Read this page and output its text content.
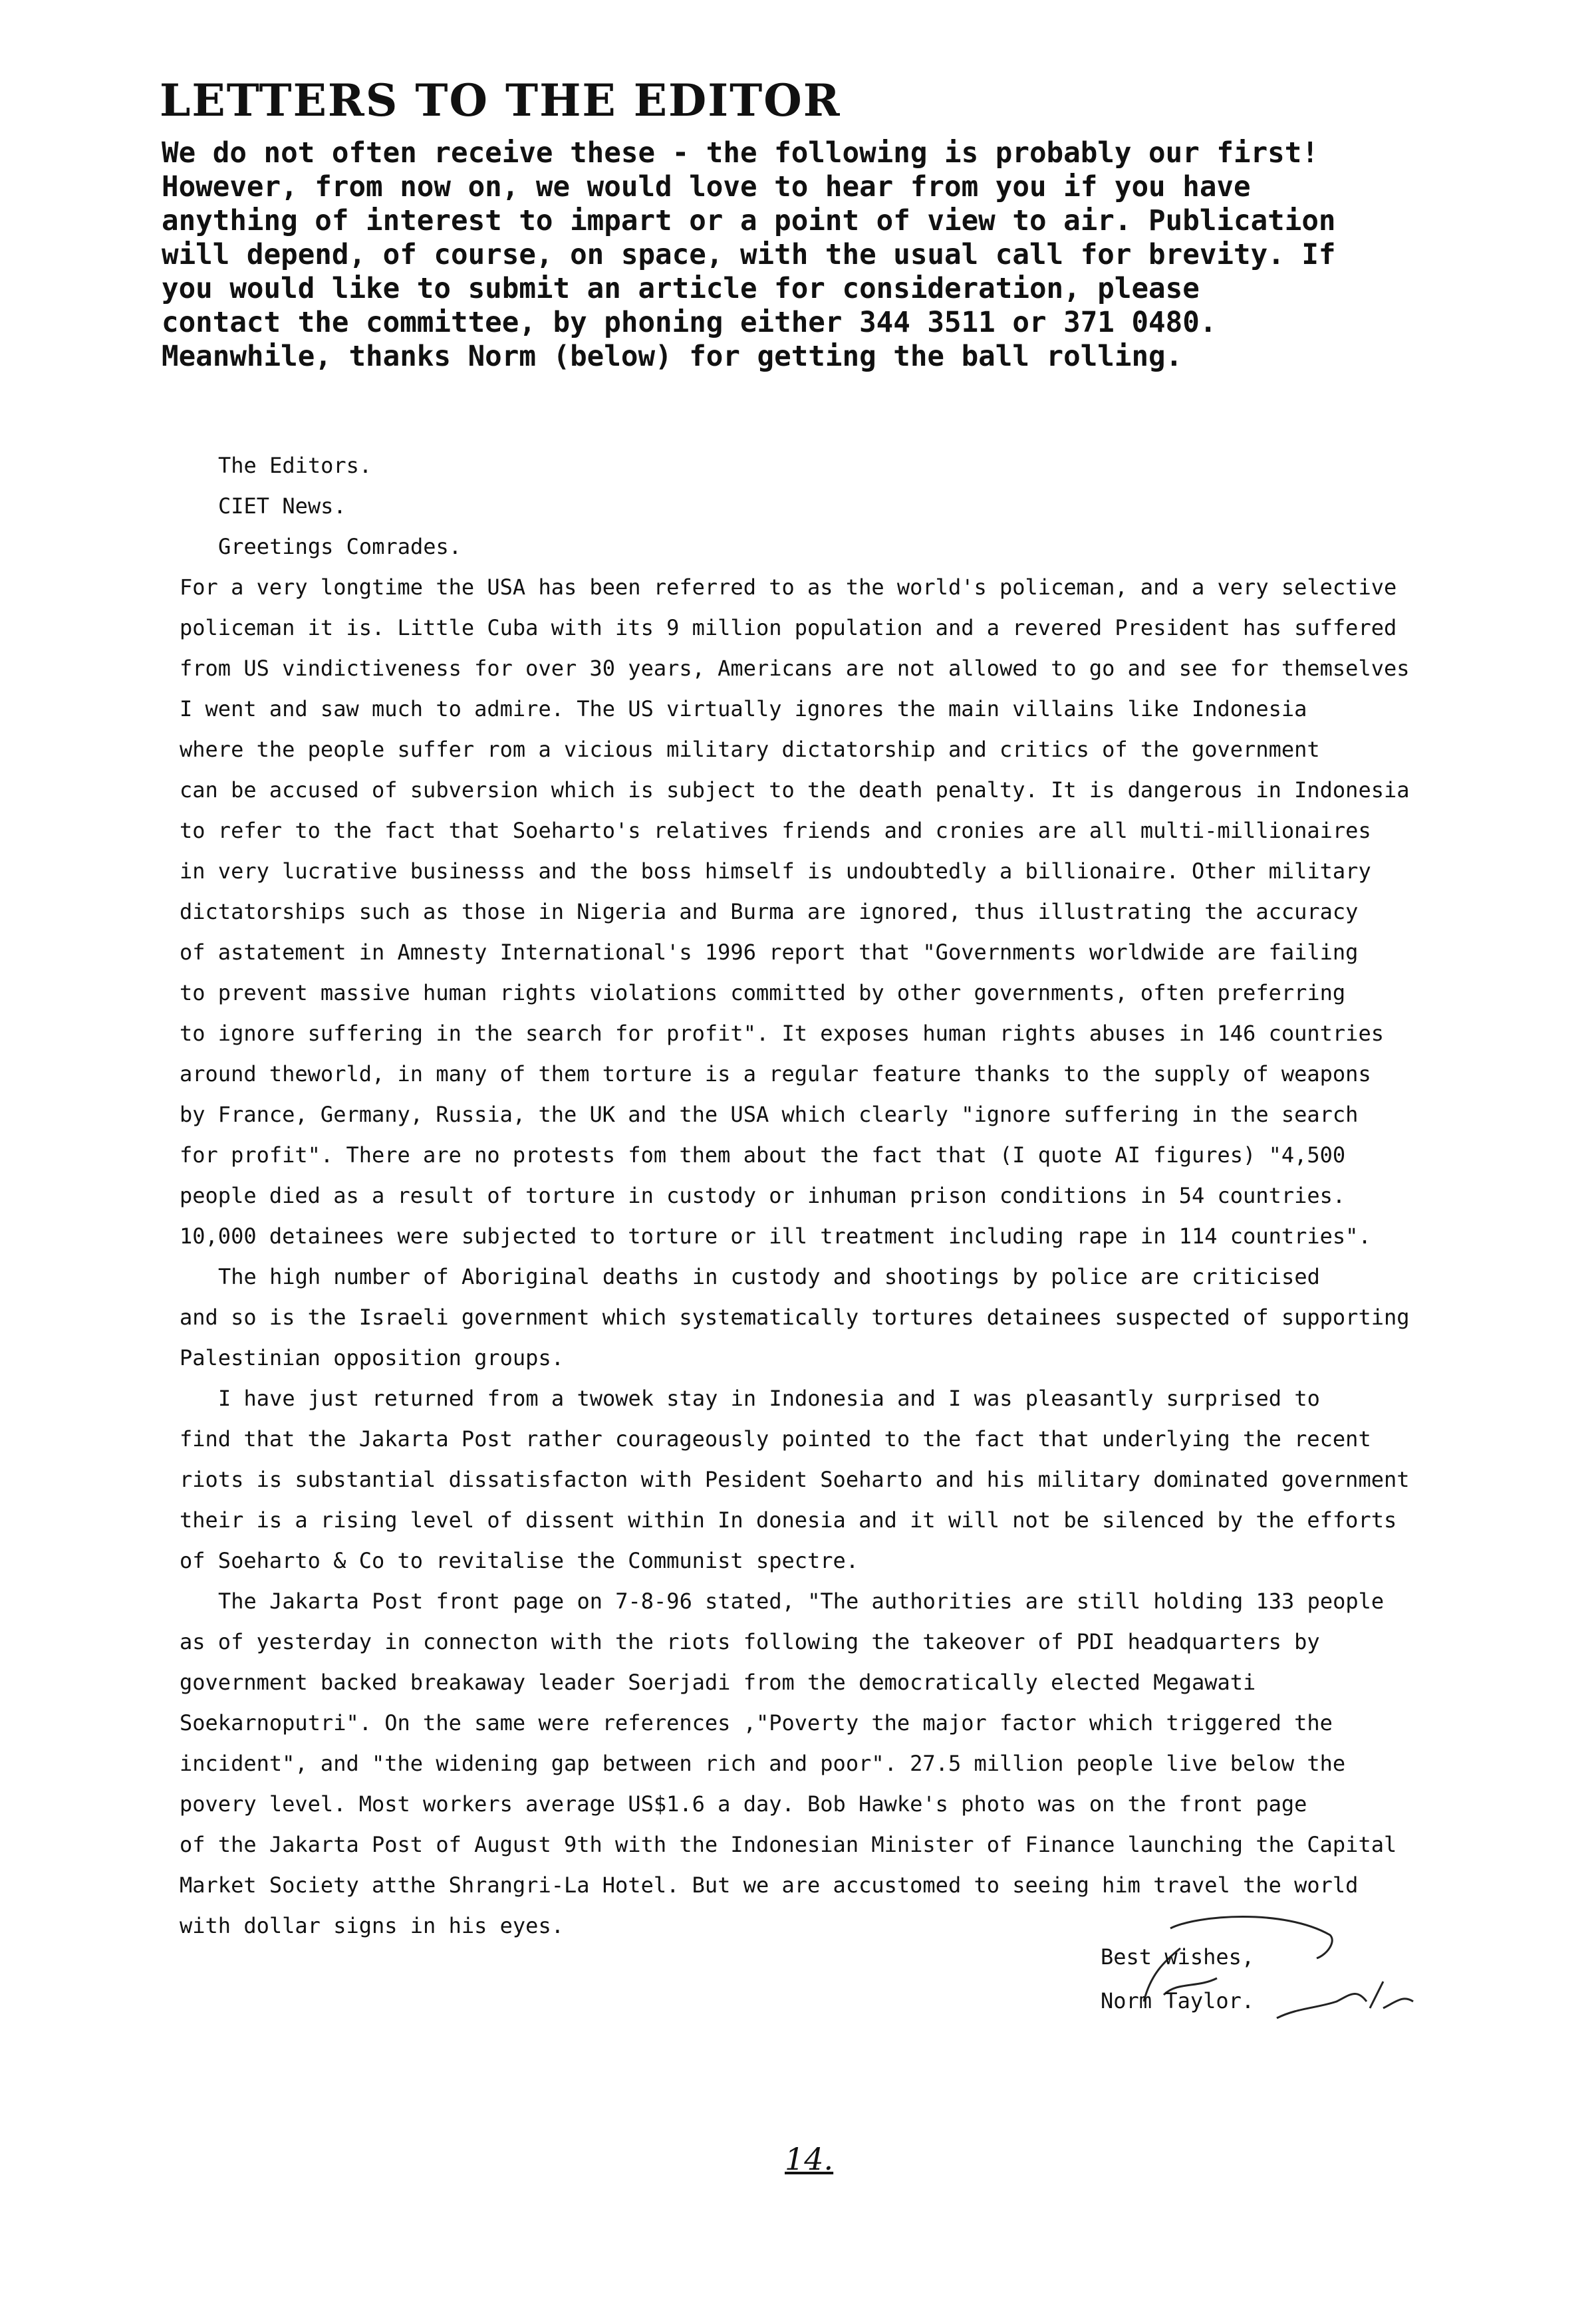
LETTERS TO THE EDITOR
We do not often receive these - the following is probably our first!
However, from now on, we would love to hear from you if you have
anything of interest to impart or a point of view to air. Publication
will depend, of course, on space, with the usual call for brevity. If
you would like to submit an article for consideration, please
contact the committee, by phoning either 344 3511 or 371 0480.
Meanwhile, thanks Norm (below) for getting the ball rolling.
The Editors.
CIET News.
Greetings Comrades.
For a very longtime the USA has been referred to as the world's policeman, and a very selective
policeman it is. Little Cuba with its 9 million population and a revered President has suffered
from US vindictiveness for over 30 years, Americans are not allowed to go and see for themselves
I went and saw much to admire. The US virtually ignores the main villains like Indonesia
where the people suffer rom a vicious military dictatorship and critics of the government
can be accused of subversion which is subject to the death penalty. It is dangerous in Indonesia
to refer to the fact that Soeharto's relatives friends and cronies are all multi-millionaires
in very lucrative businesss and the boss himself is undoubtedly a billionaire. Other military
dictatorships such as those in Nigeria and Burma are ignored, thus illustrating the accuracy
of astatement in Amnesty International's 1996 report that "Governments worldwide are failing
to prevent massive human rights violations committed by other governments, often preferring
to ignore suffering in the search for profit". It exposes human rights abuses in 146 countries
around theworld, in many of them torture is a regular feature thanks to the supply of weapons
by France, Germany, Russia, the UK and the USA which clearly "ignore suffering in the search
for profit". There are no protests fom them about the fact that (I quote AI figures) "4,500
people died as a result of torture in custody or inhuman prison conditions in 54 countries.
10,000 detainees were subjected to torture or ill treatment including rape in 114 countries".
The high number of Aboriginal deaths in custody and shootings by police are criticised
and so is the Israeli government which systematically tortures detainees suspected of supporting
Palestinian opposition groups.
I have just returned from a twowek stay in Indonesia and I was pleasantly surprised to
find that the Jakarta Post rather courageously pointed to the fact that underlying the recent
riots is substantial dissatisfacton with Pesident Soeharto and his military dominated government
their is a rising level of dissent within In donesia and it will not be silenced by the efforts
of Soeharto & Co to revitalise the Communist spectre.
The Jakarta Post front page on 7-8-96 stated, "The authorities are still holding 133 people
as of yesterday in connecton with the riots following the takeover of PDI headquarters by
government backed breakaway leader Soerjadi from the democratically elected Megawati
Soekarnoputri". On the same were references ,"Poverty the major factor which triggered the
incident", and "the widening gap between rich and poor". 27.5 million people live below the
povery level. Most workers average US$1.6 a day. Bob Hawke's photo was on the front page
of the Jakarta Post of August 9th with the Indonesian Minister of Finance launching the Capital
Market Society atthe Shrangri-La Hotel. But we are accustomed to seeing him travel the world
with dollar signs in his eyes.
Best wishes,
Norm Taylor.
14.
